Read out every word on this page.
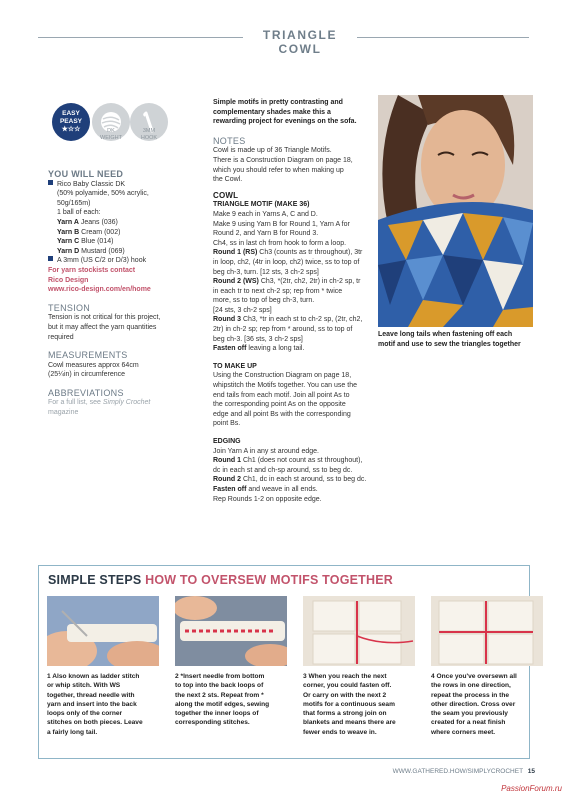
TRIANGLE COWL
EASY
PEASY
★☆☆	DK
WEIGHT
3MM
HOOK
YOU WILL NEED
Rico Baby Classic DK
(50% polyamide, 50% acrylic,
50g/165m)
1 ball of each:
Yarn A Jeans (036)
Yarn B Cream (002)
Yarn C Blue (014)
Yarn D Mustard (069)
A 3mm (US C/2 or D/3) hook
For yarn stockists contact
Rico Design
www.rico-design.com/en/home
TENSION
Tension is not critical for this project,
but it may affect the yarn quantities
required
MEASUREMENTS
Cowl measures approx 64cm
(25¼in) in circumference
ABBREVIATIONS
For a full list, see Simply Crochet
magazine
Simple motifs in pretty contrasting and
complementary shades make this a
rewarding project for evenings on the sofa.
NOTES
Cowl is made up of 36 Triangle Motifs.
There is a Construction Diagram on page 18,
which you should refer to when making up
the Cowl.
COWL
TRIANGLE MOTIF (MAKE 36)
Make 9 each in Yarns A, C and D.
Make 9 using Yarn B for Round 1, Yarn A for
Round 2, and Yarn B for Round 3.
Ch4, ss in last ch from hook to form a loop.
Round 1 (RS) Ch3 (counts as tr throughout), 3tr
in loop, ch2, (4tr in loop, ch2) twice, ss to top of
beg ch-3, turn. [12 sts, 3 ch-2 sps]
Round 2 (WS) Ch3, *(2tr, ch2, 2tr) in ch-2 sp, tr
in each tr to next ch-2 sp; rep from * twice
more, ss to top of beg ch-3, turn.
[24 sts, 3 ch-2 sps]
Round 3 Ch3, *tr in each st to ch-2 sp, (2tr, ch2,
2tr) in ch-2 sp; rep from * around, ss to top of
beg ch-3. [36 sts, 3 ch-2 sps]
Fasten off leaving a long tail.
TO MAKE UP
Using the Construction Diagram on page 18,
whipstitch the Motifs together. You can use the
end tails from each motif. Join all point As to
the corresponding point As on the opposite
edge and all point Bs with the corresponding
point Bs.
EDGING
Join Yarn A in any st around edge.
Round 1 Ch1 (does not count as st throughout),
dc in each st and ch-sp around, ss to beg dc.
Round 2 Ch1, dc in each st around, ss to beg dc.
Fasten off and weave in all ends.
Rep Rounds 1-2 on opposite edge.
Leave long tails when fastening off each
motif and use to sew the triangles together
SIMPLE STEPS HOW TO OVERSEW MOTIFS TOGETHER
1 Also known as ladder stitch
or whip stitch. With WS
together, thread needle with
yarn and insert into the back
loops only of the corner
stitches on both pieces. Leave
a fairly long tail.
2 *Insert needle from bottom
to top into the back loops of
the next 2 sts. Repeat from *
along the motif edges, sewing
together the inner loops of
corresponding stitches.
3 When you reach the next
corner, you could fasten off.
Or carry on with the next 2
motifs for a continuous seam
that forms a strong join on
blankets and means there are
fewer ends to weave in.
4 Once you've oversewn all
the rows in one direction,
repeat the process in the
other direction. Cross over
the seam you previously
created for a neat finish
where corners meet.
WWW.GATHERED.HOW/SIMPLYCROCHET 15
PassionForum.ru
